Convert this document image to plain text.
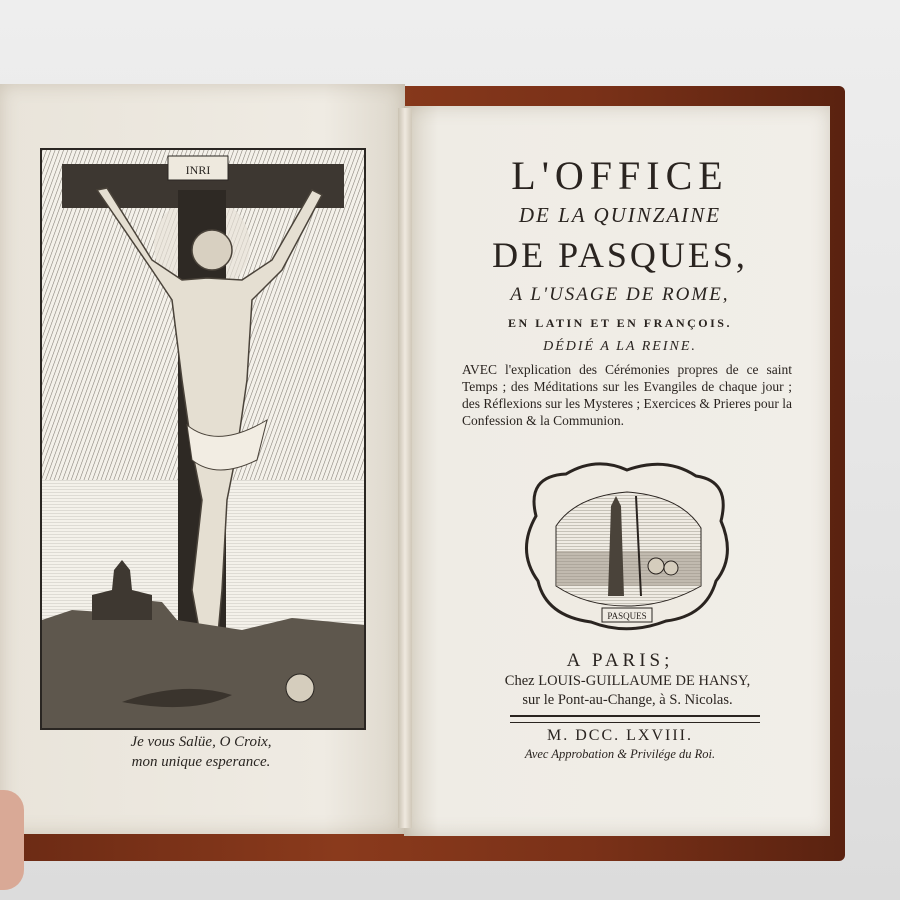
INRI
Je vous Salüe, O Croix,
mon unique esperance.
L'OFFICE
DE LA QUINZAINE
DE PASQUES,
A L'USAGE DE ROME,
EN LATIN ET EN FRANÇOIS.
DÉDIÉ A LA REINE.
AVEC l'explication des Cérémonies propres de ce saint Temps ; des Méditations sur les Evangiles de chaque jour ; des Réflexions sur les Mysteres ; Exercices & Prieres pour la Confession & la Communion.
PASQUES
A PARIS;
Chez LOUIS-GUILLAUME DE HANSY,
sur le Pont-au-Change, à S. Nicolas.
M. DCC. LXVIII.
Avec Approbation & Privilége du Roi.
